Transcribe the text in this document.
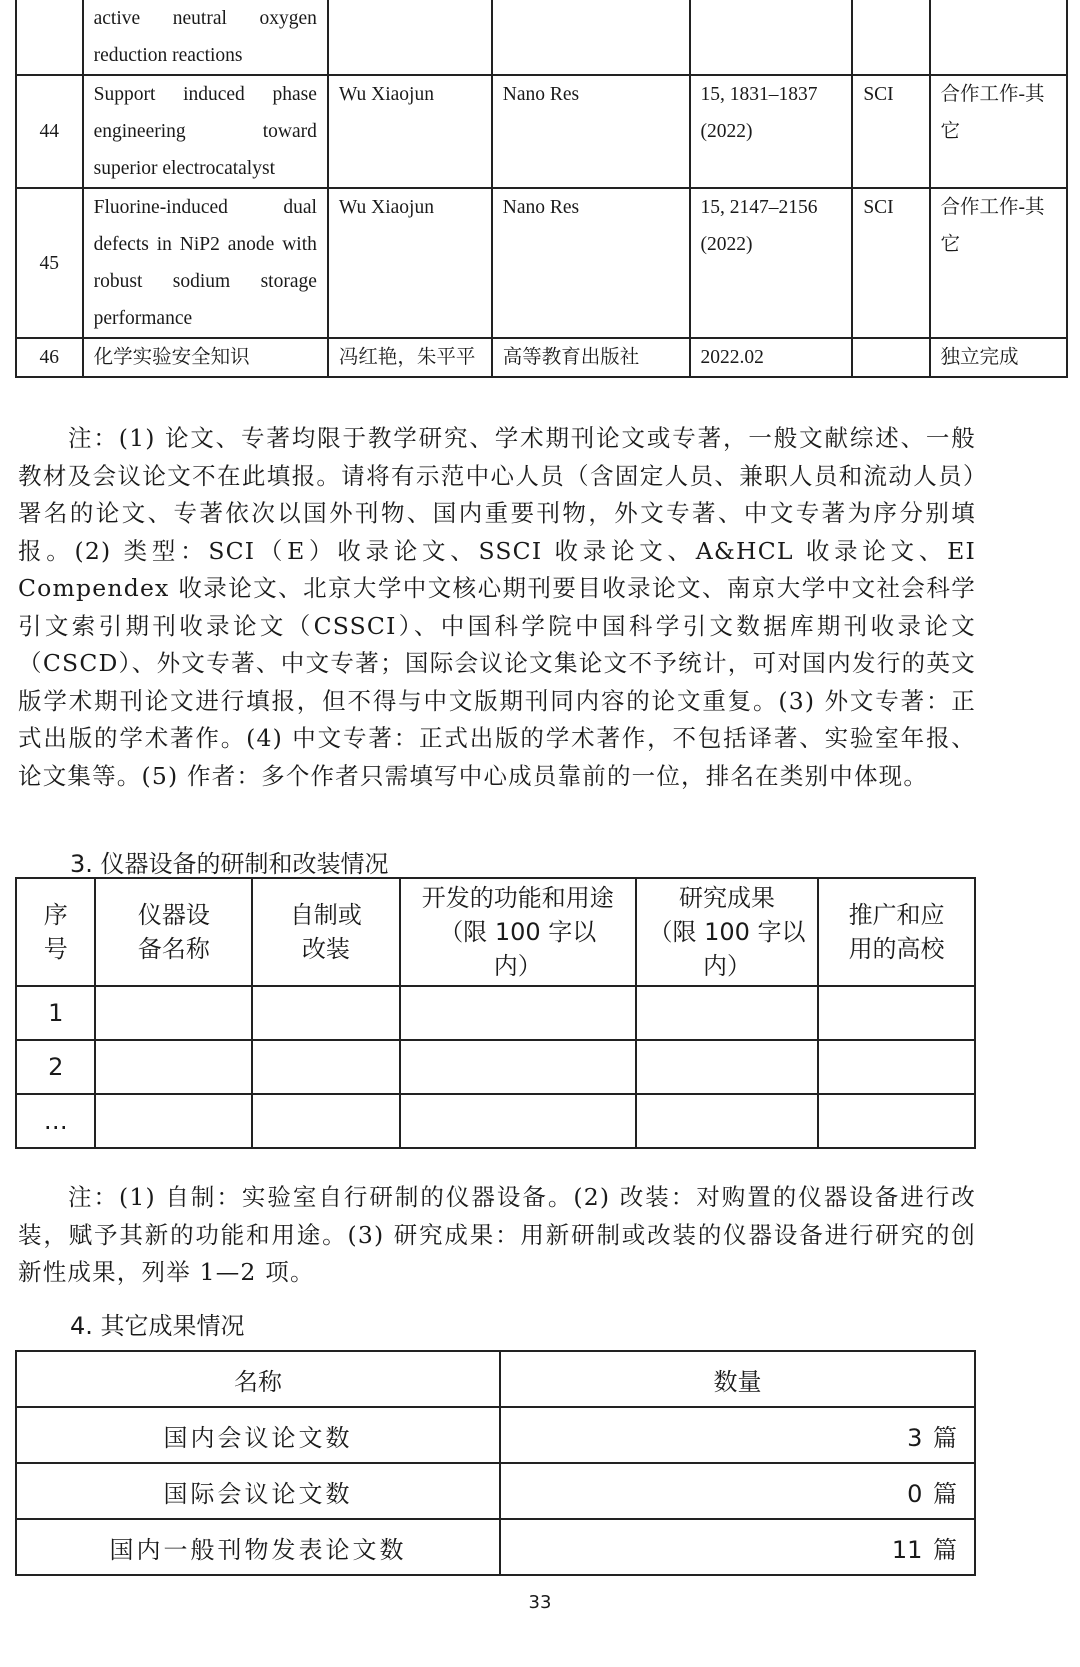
	active neutral oxygen
reduction reactions					

44	Support induced phase
engineering toward
superior electrocatalyst	Wu Xiaojun	Nano Res	15, 1831–1837 (2022)	SCI	合作工作-其它
45	Fluorine-induced dual
defects in NiP2 anode with
robust sodium storage
performance	Wu Xiaojun	Nano Res	15, 2147–2156 (2022)	SCI	合作工作-其它
46	化学实验安全知识	冯红艳，朱平平	高等教育出版社	2022.02		独立完成

注：(1) 论文、专著均限于教学研究、学术期刊论文或专著，一般文献综述、一般教材及会议论文不在此填报。请将有示范中心人员（含固定人员、兼职人员和流动人员）署名的论文、专著依次以国外刊物、国内重要刊物，外文专著、中文专著为序分别填报。(2) 类型：SCI（E）收录论文、SSCI 收录论文、A&HCL 收录论文、EI Compendex 收录论文、北京大学中文核心期刊要目收录论文、南京大学中文社会科学引文索引期刊收录论文（CSSCI）、中国科学院中国科学引文数据库期刊收录论文（CSCD）、外文专著、中文专著；国际会议论文集论文不予统计，可对国内发行的英文版学术期刊论文进行填报，但不得与中文版期刊同内容的论文重复。(3) 外文专著：正式出版的学术著作。(4) 中文专著：正式出版的学术著作，不包括译著、实验室年报、论文集等。(5) 作者：多个作者只需填写中心成员靠前的一位，排名在类别中体现。

3. 仪器设备的研制和改装情况

序
号	仪器设
备名称	自制或
改装	开发的功能和用途
（限 100 字以
内）	研究成果
（限 100 字以
内）	推广和应
用的高校

1					
2					
…					

注：(1) 自制：实验室自行研制的仪器设备。(2) 改装：对购置的仪器设备进行改装，赋予其新的功能和用途。(3) 研究成果：用新研制或改装的仪器设备进行研究的创新性成果，列举 1—2 项。

4. 其它成果情况

名称	数量
国内会议论文数	3 篇
国际会议论文数	0 篇
国内一般刊物发表论文数	11 篇
33
